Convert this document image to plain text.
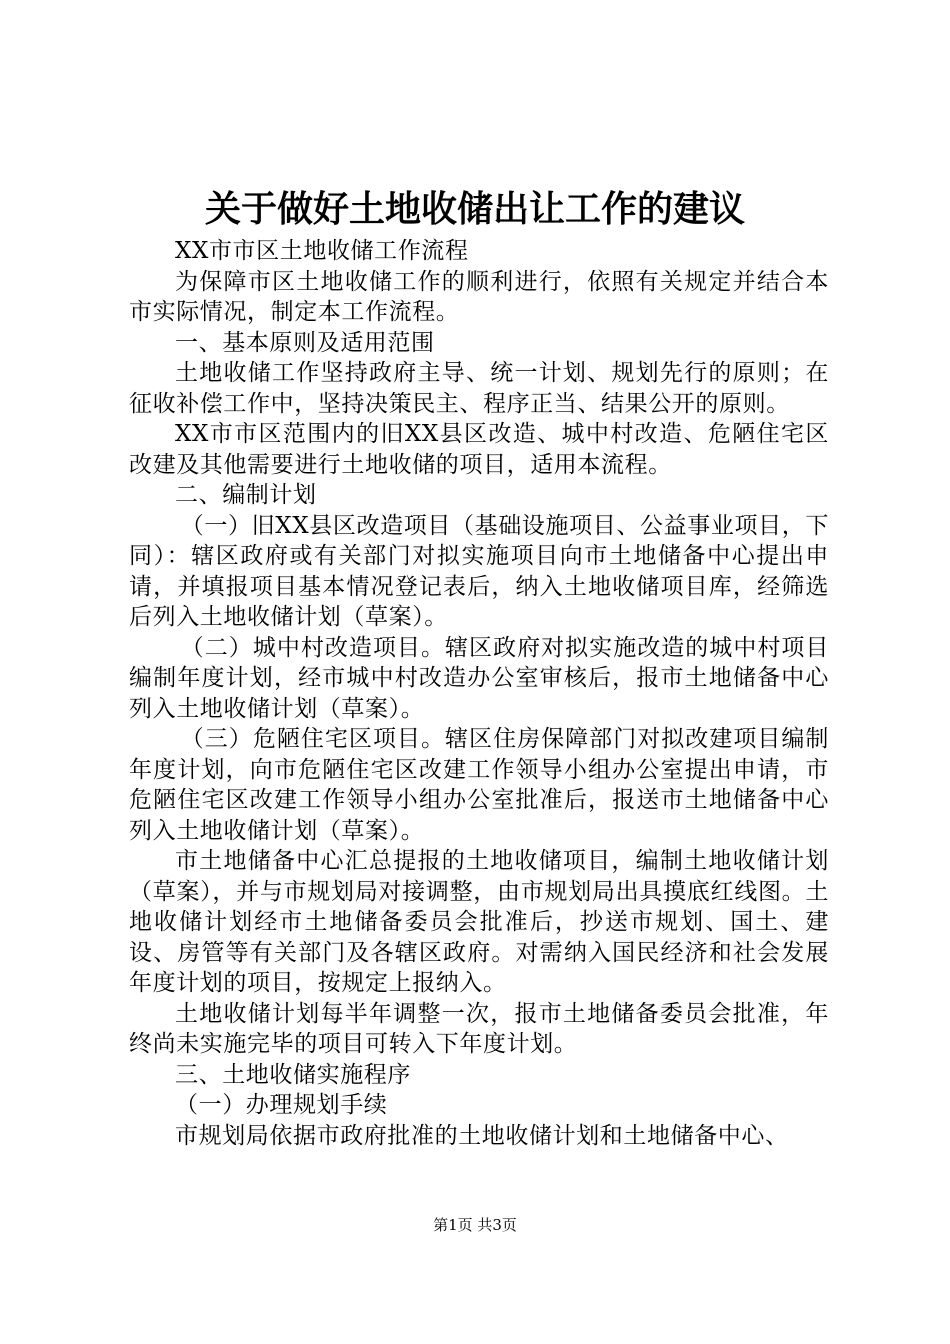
关于做好土地收储出让工作的建议

XX市市区土地收储工作流程

为保障市区土地收储工作的顺利进行，依照有关规定并结合本市实际情况，制定本工作流程。

一、基本原则及适用范围

土地收储工作坚持政府主导、统一计划、规划先行的原则；在征收补偿工作中，坚持决策民主、程序正当、结果公开的原则。

XX市市区范围内的旧XX县区改造、城中村改造、危陋住宅区改建及其他需要进行土地收储的项目，适用本流程。

二、编制计划

（一）旧XX县区改造项目（基础设施项目、公益事业项目，下同）：辖区政府或有关部门对拟实施项目向市土地储备中心提出申请，并填报项目基本情况登记表后，纳入土地收储项目库，经筛选后列入土地收储计划（草案）。

（二）城中村改造项目。辖区政府对拟实施改造的城中村项目编制年度计划，经市城中村改造办公室审核后，报市土地储备中心列入土地收储计划（草案）。

（三）危陋住宅区项目。辖区住房保障部门对拟改建项目编制年度计划，向市危陋住宅区改建工作领导小组办公室提出申请，市危陋住宅区改建工作领导小组办公室批准后，报送市土地储备中心列入土地收储计划（草案）。

市土地储备中心汇总提报的土地收储项目，编制土地收储计划（草案），并与市规划局对接调整，由市规划局出具摸底红线图。土地收储计划经市土地储备委员会批准后，抄送市规划、国土、建设、房管等有关部门及各辖区政府。对需纳入国民经济和社会发展年度计划的项目，按规定上报纳入。

土地收储计划每半年调整一次，报市土地储备委员会批准，年终尚未实施完毕的项目可转入下年度计划。

三、土地收储实施程序

（一）办理规划手续

市规划局依据市政府批准的土地收储计划和土地储备中心、

第1页 共3页
